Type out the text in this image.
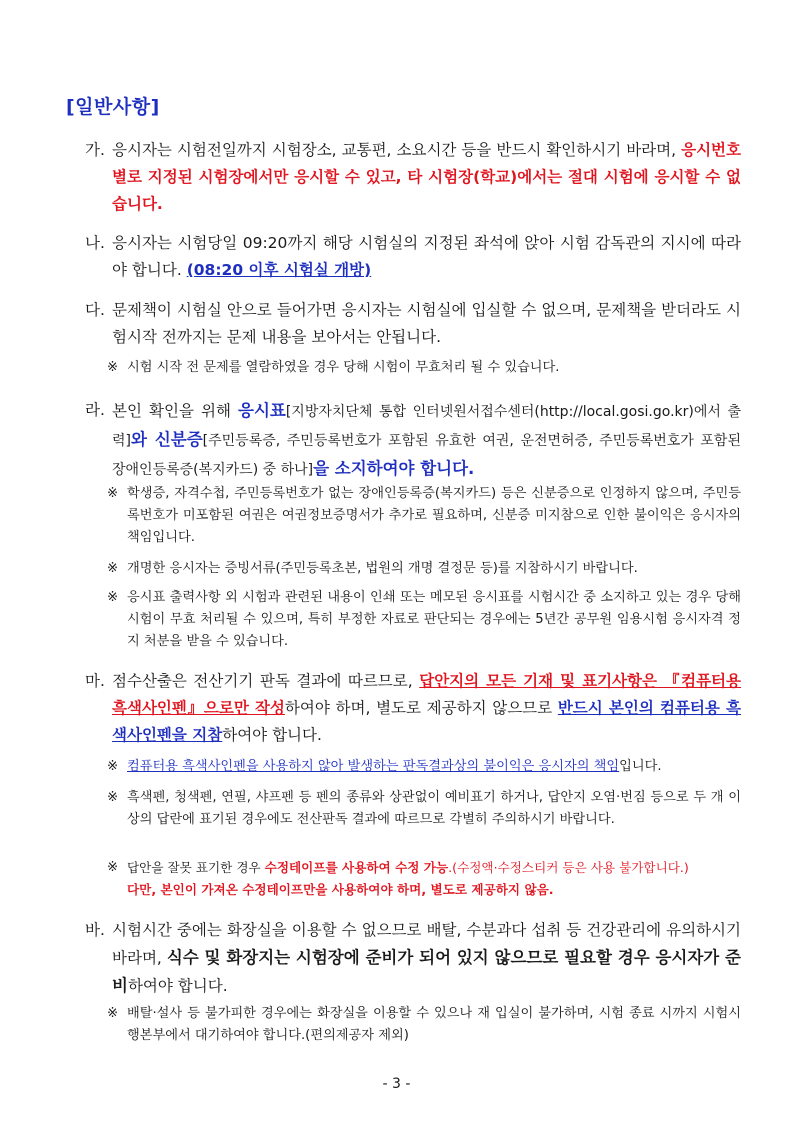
[일반사항]
가. 응시자는 시험전일까지 시험장소, 교통편, 소요시간 등을 반드시 확인하시기 바라며, 응시번호별로 지정된 시험장에서만 응시할 수 있고, 타 시험장(학교)에서는 절대 시험에 응시할 수 없습니다.
나. 응시자는 시험당일 09:20까지 해당 시험실의 지정된 좌석에 앉아 시험 감독관의 지시에 따라야 합니다. (08:20 이후 시험실 개방)
다. 문제책이 시험실 안으로 들어가면 응시자는 시험실에 입실할 수 없으며, 문제책을 받더라도 시험시작 전까지는 문제 내용을 보아서는 안됩니다.
※ 시험 시작 전 문제를 열람하였을 경우 당해 시험이 무효처리 될 수 있습니다.
라. 본인 확인을 위해 응시표[지방자치단체 통합 인터넷원서접수센터(http://local.gosi.go.kr)에서 출력]와 신분증[주민등록증, 주민등록번호가 포함된 유효한 여권, 운전면허증, 주민등록번호가 포함된 장애인등록증(복지카드) 중 하나]을 소지하여야 합니다.
※ 학생증, 자격수첩, 주민등록번호가 없는 장애인등록증(복지카드) 등은 신분증으로 인정하지 않으며, 주민등록번호가 미포함된 여권은 여권정보증명서가 추가로 필요하며, 신분증 미지참으로 인한 불이익은 응시자의 책임입니다.
※ 개명한 응시자는 증빙서류(주민등록초본, 법원의 개명 결정문 등)를 지참하시기 바랍니다.
※ 응시표 출력사항 외 시험과 관련된 내용이 인쇄 또는 메모된 응시표를 시험시간 중 소지하고 있는 경우 당해시험이 무효 처리될 수 있으며, 특히 부정한 자료로 판단되는 경우에는 5년간 공무원 임용시험 응시자격 정지 처분을 받을 수 있습니다.
마. 점수산출은 전산기기 판독 결과에 따르므로, 답안지의 모든 기재 및 표기사항은 『컴퓨터용 흑색사인펜』으로만 작성하여야 하며, 별도로 제공하지 않으므로 반드시 본인의 컴퓨터용 흑색사인펜을 지참하여야 합니다.
※ 컴퓨터용 흑색사인펜을 사용하지 않아 발생하는 판독결과상의 불이익은 응시자의 책임입니다.
※ 흑색펜, 청색펜, 연필, 샤프펜 등 펜의 종류와 상관없이 예비표기 하거나, 답안지 오염·번짐 등으로 두 개 이상의 답란에 표기된 경우에도 전산판독 결과에 따르므로 각별히 주의하시기 바랍니다.
※ 답안을 잘못 표기한 경우 수정테이프를 사용하여 수정 가능.(수정액·수정스티커 등은 사용 불가합니다.)
다만, 본인이 가져온 수정테이프만을 사용하여야 하며, 별도로 제공하지 않음.
바. 시험시간 중에는 화장실을 이용할 수 없으므로 배탈, 수분과다 섭취 등 건강관리에 유의하시기 바라며, 식수 및 화장지는 시험장에 준비가 되어 있지 않으므로 필요할 경우 응시자가 준비하여야 합니다.
※ 배탈·설사 등 불가피한 경우에는 화장실을 이용할 수 있으나 재 입실이 불가하며, 시험 종료 시까지 시험시행본부에서 대기하여야 합니다.(편의제공자 제외)
- 3 -
